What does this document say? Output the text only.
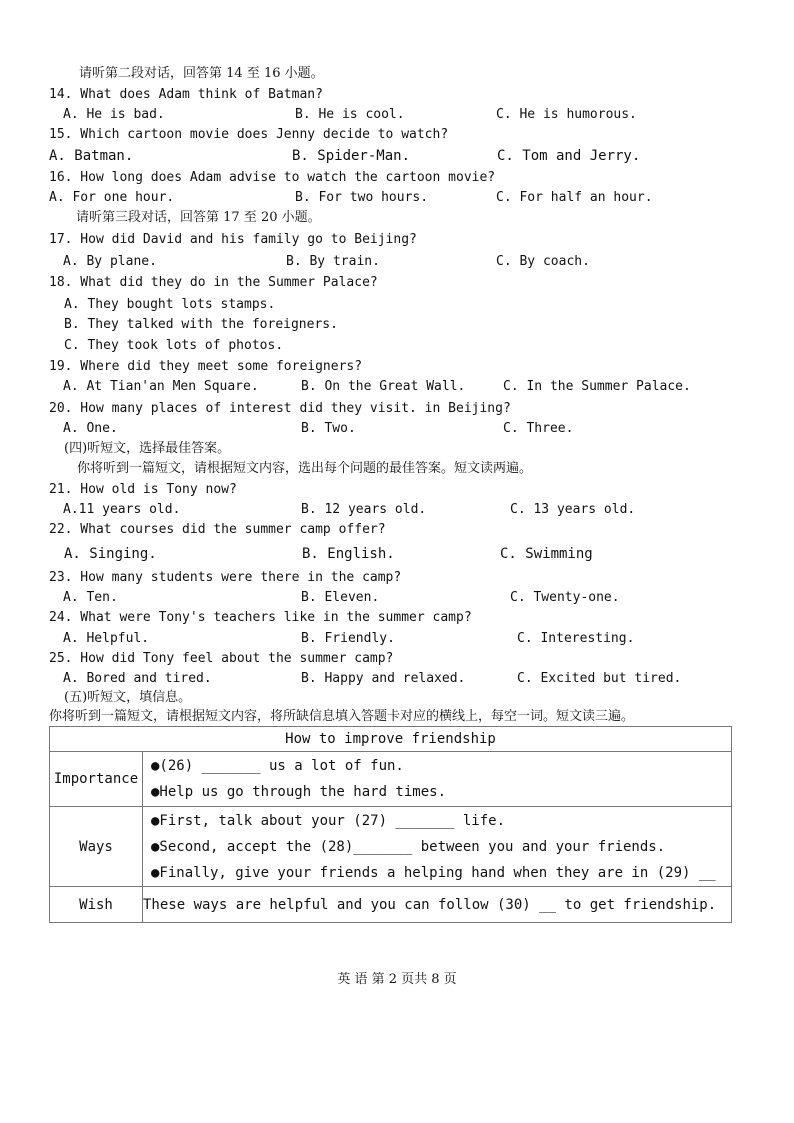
请听第二段对话，回答第 14 至 16 小题。
14. What does Adam think of Batman?
A. He is bad.	B. He is cool.	C. He is humorous.
15. Which cartoon movie does Jenny decide to watch?
A. Batman.	B. Spider-Man.	C. Tom and Jerry.
16. How long does Adam advise to watch the cartoon movie?
A. For one hour.	B. For two hours.	C. For half an hour.
请听第三段对话，回答第 17 至 20 小题。
17. How did David and his family go to Beijing?
A. By plane.	B. By train.	C. By coach.
18. What did they do in the Summer Palace?
A. They bought lots stamps.
B. They talked with the foreigners.
C. They took lots of photos.
19. Where did they meet some foreigners?
A. At Tian'an Men Square.	B. On the Great Wall.	C. In the Summer Palace.
20. How many places of interest did they visit. in Beijing?
A. One.	B. Two.	C. Three.
(四)听短文，选择最佳答案。
你将听到一篇短文，请根据短文内容，选出每个问题的最佳答案。短文读两遍。
21. How old is Tony now?
A.11 years old.	B. 12 years old.	C. 13 years old.
22. What courses did the summer camp offer?
A. Singing.	B. English.	C. Swimming
23. How many students were there in the camp?
A. Ten.	B. Eleven.	C. Twenty-one.
24. What were Tony's teachers like in the summer camp?
A. Helpful.	B. Friendly.	C. Interesting.
25. How did Tony feel about the summer camp?
A. Bored and tired.	B. Happy and relaxed.	C. Excited but tired.
(五)听短文，填信息。
你将听到一篇短文，请根据短文内容，将所缺信息填入答题卡对应的横线上，每空一词。短文读三遍。
How to improve friendship	
Importance	●(26) _______ us a lot of fun.
●Help us go through the hard times.

Ways	●First, talk about your (27) _______ life.
●Second, accept the (28)_______ between you and your friends.
●Finally, give your friends a helping hand when they are in (29) __

Wish	These ways are helpful and you can follow (30) __ to get friendship.
英 语 第 2 页共 8 页
